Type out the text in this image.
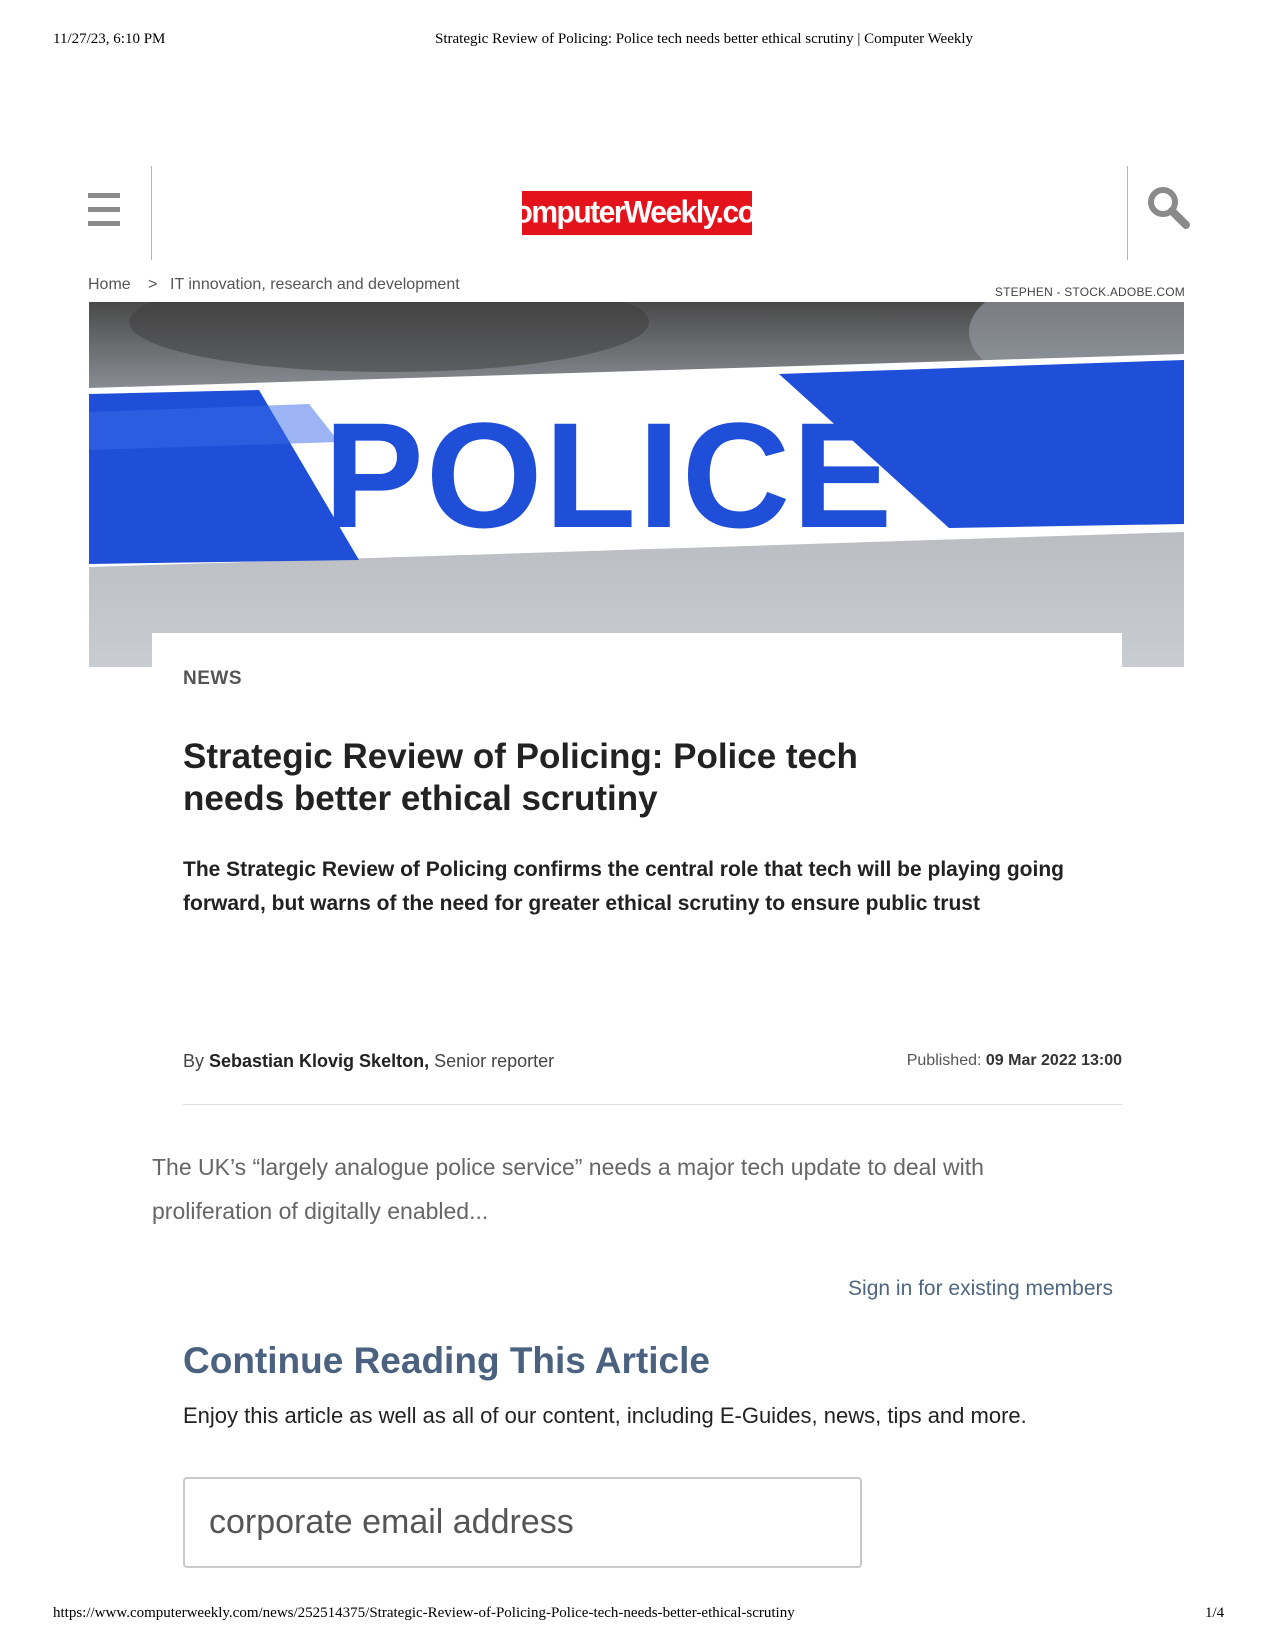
11/27/23, 6:10 PM	Strategic Review of Policing: Police tech needs better ethical scrutiny | Computer Weekly
ComputerWeekly.com
Home > IT innovation, research and development	STEPHEN - STOCK.ADOBE.COM
POLICE
NEWS
Strategic Review of Policing: Police tech needs better ethical scrutiny

The Strategic Review of Policing confirms the central role that tech will be playing going forward, but warns of the need for greater ethical scrutiny to ensure public trust

By Sebastian Klovig Skelton, Senior reporter	Published: 09 Mar 2022 13:00

The UK’s “largely analogue police service” needs a major tech update to deal with proliferation of digitally enabled...

Sign in for existing members
Continue Reading This Article

Enjoy this article as well as all of our content, including E-Guides, news, tips and more.

corporate email address
https://www.computerweekly.com/news/252514375/Strategic-Review-of-Policing-Police-tech-needs-better-ethical-scrutiny	1/4
